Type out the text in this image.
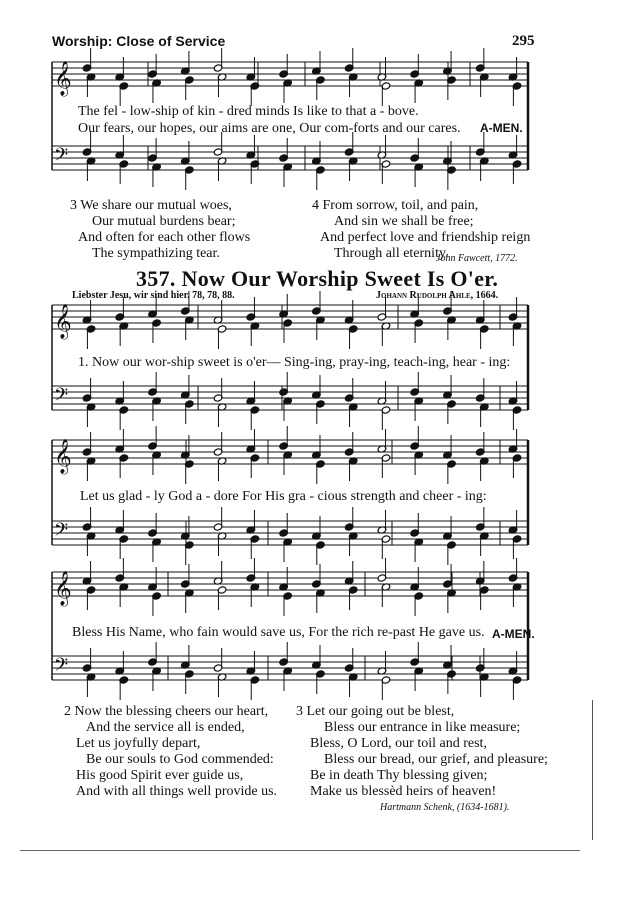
Worship: Close of Service	295
𝄞
𝄢
𝄞
𝄢
𝄞
𝄢
𝄞
𝄢
The fel - low-ship of kin - dred minds Is like to that a - bove.
Our fears, our hopes, our aims are one, Our com-forts and our cares. A-MEN.
3 We share our mutual woes,
Our mutual burdens bear;
And often for each other flows
The sympathizing tear.
4 From sorrow, toil, and pain,
And sin we shall be free;
And perfect love and friendship reign
Through all eternity.
John Fawcett, 1772.
357. Now Our Worship Sweet Is O'er.
Liebster Jesu, wir sind hier. 78, 78, 88.	Johann Rudolph Ahle, 1664.
1. Now our wor-ship sweet is o'er— Sing-ing, pray-ing, teach-ing, hear - ing:
Let us glad - ly God a - dore For His gra - cious strength and cheer - ing:
Bless His Name, who fain would save us, For the rich re-past He gave us. A-MEN.
2 Now the blessing cheers our heart,
And the service all is ended,
Let us joyfully depart,
Be our souls to God commended:
His good Spirit ever guide us,
And with all things well provide us.
3 Let our going out be blest,
Bless our entrance in like measure;
Bless, O Lord, our toil and rest,
Bless our bread, our grief, and pleasure;
Be in death Thy blessing given;
Make us blessèd heirs of heaven!
Hartmann Schenk, (1634-1681).
